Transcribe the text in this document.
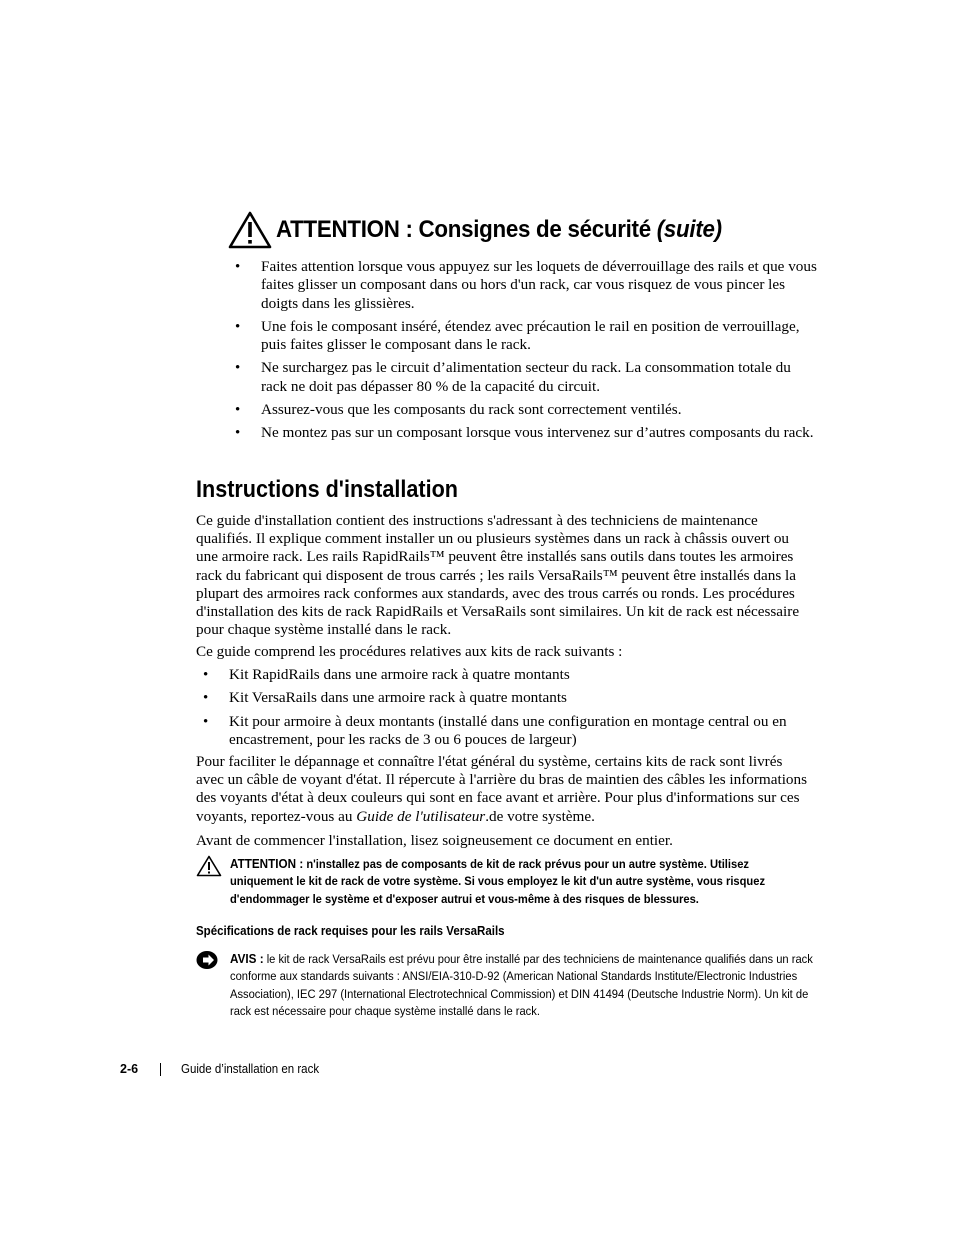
ATTENTION : Consignes de sécurité (suite)
• Faites attention lorsque vous appuyez sur les loquets de déverrouillage des rails et que vous faites glisser un composant dans ou hors d'un rack, car vous risquez de vous pincer les doigts dans les glissières.
• Une fois le composant inséré, étendez avec précaution le rail en position de verrouillage, puis faites glisser le composant dans le rack.
• Ne surchargez pas le circuit d’alimentation secteur du rack. La consommation totale du rack ne doit pas dépasser 80 % de la capacité du circuit.
• Assurez-vous que les composants du rack sont correctement ventilés.
• Ne montez pas sur un composant lorsque vous intervenez sur d’autres composants du rack.
Instructions d'installation

Ce guide d'installation contient des instructions s'adressant à des techniciens de maintenance qualifiés. Il explique comment installer un ou plusieurs systèmes dans un rack à châssis ouvert ou une armoire rack. Les rails RapidRails™ peuvent être installés sans outils dans toutes les armoires rack du fabricant qui disposent de trous carrés ; les rails VersaRails™ peuvent être installés dans la plupart des armoires rack conformes aux standards, avec des trous carrés ou ronds. Les procédures d'installation des kits de rack RapidRails et VersaRails sont similaires. Un kit de rack est nécessaire pour chaque système installé dans le rack.

Ce guide comprend les procédures relatives aux kits de rack suivants :

• Kit RapidRails dans une armoire rack à quatre montants
• Kit VersaRails dans une armoire rack à quatre montants
• Kit pour armoire à deux montants (installé dans une configuration en montage central ou en encastrement, pour les racks de 3 ou 6 pouces de largeur)

Pour faciliter le dépannage et connaître l'état général du système, certains kits de rack sont livrés avec un câble de voyant d'état. Il répercute à l'arrière du bras de maintien des câbles les informations des voyants d'état à deux couleurs qui sont en face avant et arrière. Pour plus d'informations sur ces voyants, reportez-vous au Guide de l'utilisateur.de votre système.

Avant de commencer l'installation, lisez soigneusement ce document en entier.

ATTENTION : n'installez pas de composants de kit de rack prévus pour un autre système. Utilisez uniquement le kit de rack de votre système. Si vous employez le kit d'un autre système, vous risquez d'endommager le système et d'exposer autrui et vous-même à des risques de blessures.

Spécifications de rack requises pour les rails VersaRails

AVIS : le kit de rack VersaRails est prévu pour être installé par des techniciens de maintenance qualifiés dans un rack conforme aux standards suivants : ANSI/EIA-310-D-92 (American National Standards Institute/Electronic Industries Association), IEC 297 (International Electrotechnical Commission) et DIN 41494 (Deutsche Industrie Norm). Un kit de rack est nécessaire pour chaque système installé dans le rack.

2-6	Guide d’installation en rack
